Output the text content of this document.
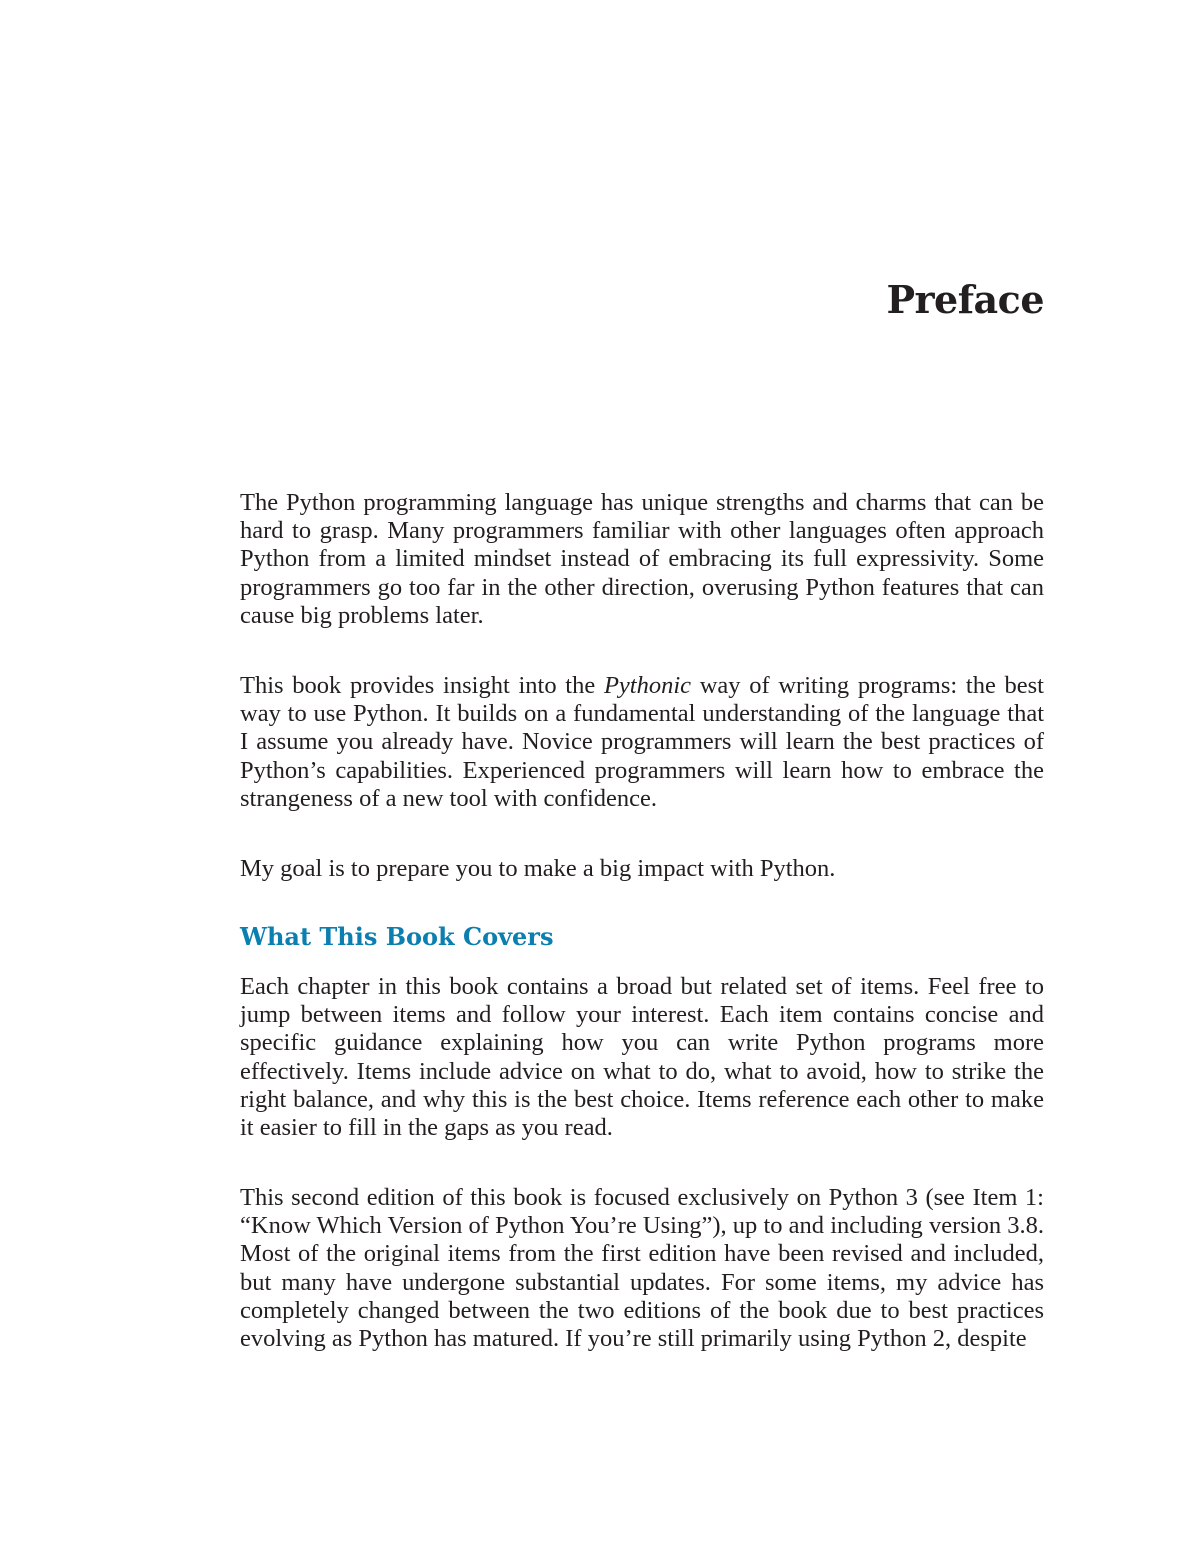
Preface

The Python programming language has unique strengths and charms that can be hard to grasp. Many programmers familiar with other languages often approach Python from a limited mindset instead of embracing its full expressivity. Some programmers go too far in the other direction, overusing Python features that can cause big problems later.

This book provides insight into the Pythonic way of writing programs: the best way to use Python. It builds on a fundamental understanding of the language that I assume you already have. Novice programmers will learn the best practices of Python’s capabilities. Experienced programmers will learn how to embrace the strangeness of a new tool with confidence.

My goal is to prepare you to make a big impact with Python.

What This Book Covers

Each chapter in this book contains a broad but related set of items. Feel free to jump between items and follow your interest. Each item contains concise and specific guidance explaining how you can write Python programs more effectively. Items include advice on what to do, what to avoid, how to strike the right balance, and why this is the best choice. Items reference each other to make it easier to fill in the gaps as you read.

This second edition of this book is focused exclusively on Python 3 (see Item 1: “Know Which Version of Python You’re Using”), up to and including version 3.8. Most of the original items from the first edition have been revised and included, but many have undergone substantial updates. For some items, my advice has completely changed between the two editions of the book due to best practices evolving as Python has matured. If you’re still primarily using Python 2, despite
